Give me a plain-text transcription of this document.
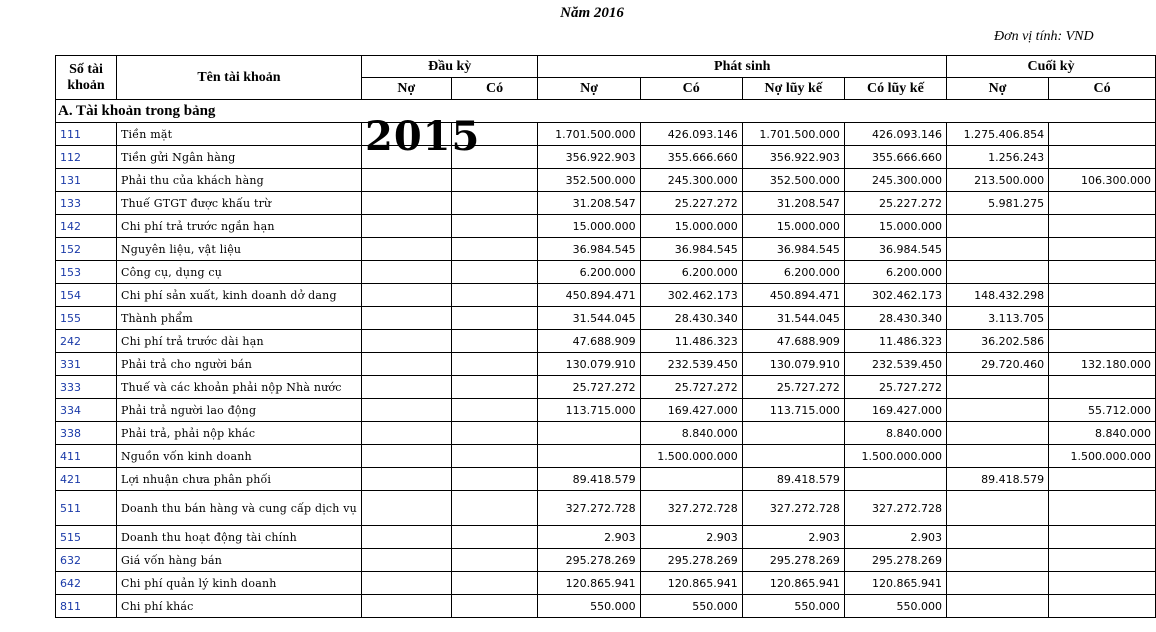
Năm 2016
Đơn vị tính: VND
Số tài khoản	Tên tài khoản	Đầu kỳ		Phát sinh				Cuối kỳ	
		Nợ	Có	Nợ	Có	Nợ lũy kế	Có lũy kế	Nợ	Có
A. Tài khoản trong bảng									
111	Tiền mặt			1.701.500.000	426.093.146	1.701.500.000	426.093.146	1.275.406.854	
112	Tiền gửi Ngân hàng			356.922.903	355.666.660	356.922.903	355.666.660	1.256.243	
131	Phải thu của khách hàng			352.500.000	245.300.000	352.500.000	245.300.000	213.500.000	106.300.000
133	Thuế GTGT được khấu trừ			31.208.547	25.227.272	31.208.547	25.227.272	5.981.275	
142	Chi phí trả trước ngắn hạn			15.000.000	15.000.000	15.000.000	15.000.000		
152	Nguyên liệu, vật liệu			36.984.545	36.984.545	36.984.545	36.984.545		
153	Công cụ, dụng cụ			6.200.000	6.200.000	6.200.000	6.200.000		
154	Chi phí sản xuất, kinh doanh dở dang			450.894.471	302.462.173	450.894.471	302.462.173	148.432.298	
155	Thành phẩm			31.544.045	28.430.340	31.544.045	28.430.340	3.113.705	
242	Chi phí trả trước dài hạn			47.688.909	11.486.323	47.688.909	11.486.323	36.202.586	
331	Phải trả cho người bán			130.079.910	232.539.450	130.079.910	232.539.450	29.720.460	132.180.000
333	Thuế và các khoản phải nộp Nhà nước			25.727.272	25.727.272	25.727.272	25.727.272		
334	Phải trả người lao động			113.715.000	169.427.000	113.715.000	169.427.000		55.712.000
338	Phải trả, phải nộp khác				8.840.000		8.840.000		8.840.000
411	Nguồn vốn kinh doanh				1.500.000.000		1.500.000.000		1.500.000.000
421	Lợi nhuận chưa phân phối			89.418.579		89.418.579		89.418.579	
511	Doanh thu bán hàng và cung cấp dịch vụ			327.272.728	327.272.728	327.272.728	327.272.728		
515	Doanh thu hoạt động tài chính			2.903	2.903	2.903	2.903		
632	Giá vốn hàng bán			295.278.269	295.278.269	295.278.269	295.278.269		
642	Chi phí quản lý kinh doanh			120.865.941	120.865.941	120.865.941	120.865.941		
811	Chi phí khác			550.000	550.000	550.000	550.000		
2015
